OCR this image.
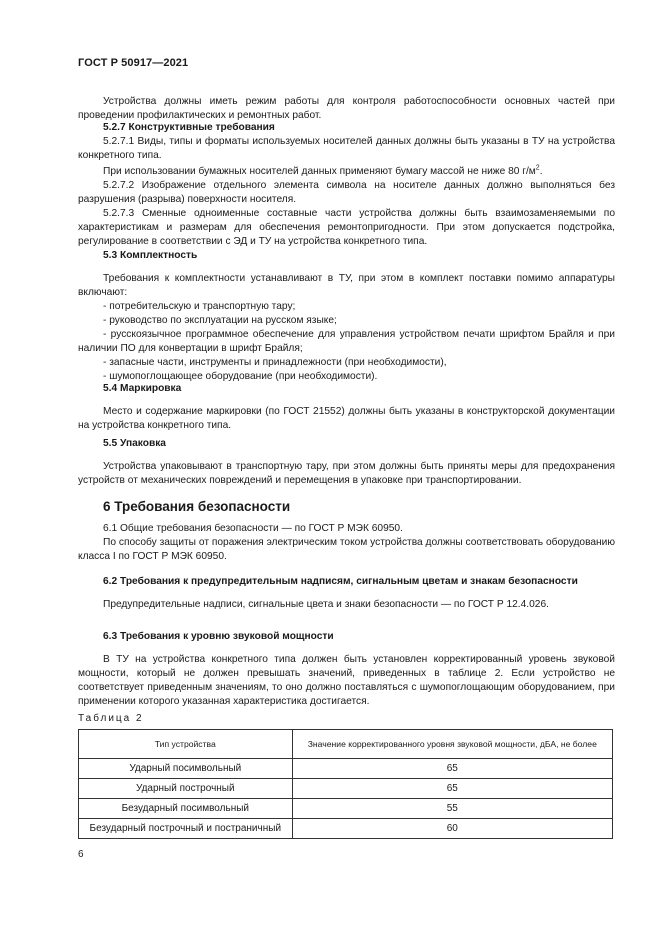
ГОСТ Р 50917—2021

Устройства должны иметь режим работы для контроля работоспособности основных частей при проведении профилактических и ремонтных работ.

5.2.7 Конструктивные требования

5.2.7.1 Виды, типы и форматы используемых носителей данных должны быть указаны в ТУ на устройства конкретного типа.

При использовании бумажных носителей данных применяют бумагу массой не ниже 80 $г/м^2$.

5.2.7.2 Изображение отдельного элемента символа на носителе данных должно выполняться без разрушения (разрыва) поверхности носителя.

5.2.7.3 Сменные одноименные составные части устройства должны быть взаимозаменяемыми по характеристикам и размерам для обеспечения ремонтопригодности. При этом допускается подстройка, регулирование в соответствии с ЭД и ТУ на устройства конкретного типа.

5.3 Комплектность

Требования к комплектности устанавливают в ТУ, при этом в комплект поставки помимо аппаратуры включают:

- потребительскую и транспортную тару;

- руководство по эксплуатации на русском языке;

- русскоязычное программное обеспечение для управления устройством печати шрифтом Брайля и при наличии ПО для конвертации в шрифт Брайля;

- запасные части, инструменты и принадлежности (при необходимости),

- шумопоглощающее оборудование (при необходимости).

5.4 Маркировка

Место и содержание маркировки (по ГОСТ 21552) должны быть указаны в конструкторской документации на устройства конкретного типа.

5.5 Упаковка

Устройства упаковывают в транспортную тару, при этом должны быть приняты меры для предохранения устройств от механических повреждений и перемещения в упаковке при транспортировании.

6 Требования безопасности

6.1 Общие требования безопасности — по ГОСТ Р МЭК 60950.

По способу защиты от поражения электрическим током устройства должны соответствовать оборудованию класса I по ГОСТ Р МЭК 60950.

6.2 Требования к предупредительным надписям, сигнальным цветам и знакам безопасности

Предупредительные надписи, сигнальные цвета и знаки безопасности — по ГОСТ Р 12.4.026.

6.3 Требования к уровню звуковой мощности

В ТУ на устройства конкретного типа должен быть установлен корректированный уровень звуковой мощности, который не должен превышать значений, приведенных в таблице 2. Если устройство не соответствует приведенным значениям, то оно должно поставляться с шумопоглощающим оборудованием, при применении которого указанная характеристика достигается.

Таблица 2
Тип устройства	Значение корректированного уровня звуковой мощности, дБА, не более
Ударный посимвольный	65
Ударный построчный	65
Безударный посимвольный	55
Безударный построчный и постраничный	60
6
